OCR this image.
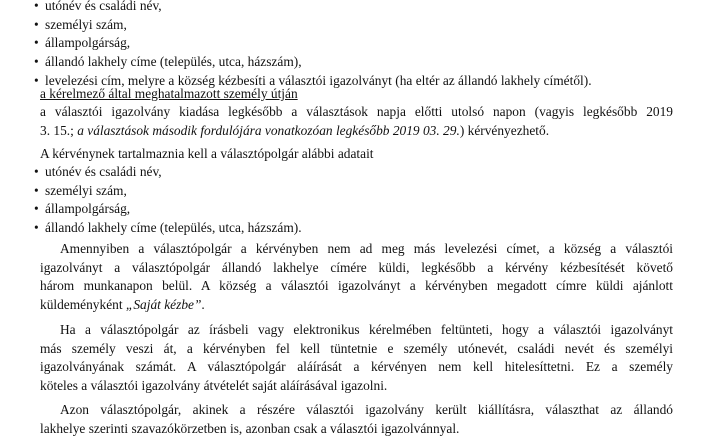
• utónév és családi név,
• személyi szám,
• állampolgárság,
• állandó lakhely címe (település, utca, házszám),
• levelezési cím, melyre a község kézbesíti a választói igazolványt (ha eltér az állandó lakhely címétől).
a kérelmező által meghatalmazott személy útján
a választói igazolvány kiadása legkésőbb a választások napja előtti utolsó napon (vagyis legkésőbb 2019
3. 15.; a választások második fordulójára vonatkozóan legkésőbb 2019 03. 29.) kérvényezhető.
A kérvénynek tartalmaznia kell a választópolgár alábbi adatait
• utónév és családi név,
• személyi szám,
• állampolgárság,
• állandó lakhely címe (település, utca, házszám).
Amennyiben a választópolgár a kérvényben nem ad meg más levelezési címet, a község a választói
igazolványt a választópolgár állandó lakhelye címére küldi, legkésőbb a kérvény kézbesítését követő
három munkanapon belül. A község a választói igazolványt a kérvényben megadott címre küldi ajánlott
küldeményként „Saját kézbe”.
Ha a választópolgár az írásbeli vagy elektronikus kérelmében feltünteti, hogy a választói igazolványt
más személy veszi át, a kérvényben fel kell tüntetnie e személy utónevét, családi nevét és személyi
igazolványának számát. A választópolgár aláírását a kérvényen nem kell hitelesíttetni. Ez a személy
köteles a választói igazolvány átvételét saját aláírásával igazolni.
Azon választópolgár, akinek a részére választói igazolvány került kiállításra, választhat az állandó
lakhelye szerinti szavazókörzetben is, azonban csak a választói igazolvánnyal.
